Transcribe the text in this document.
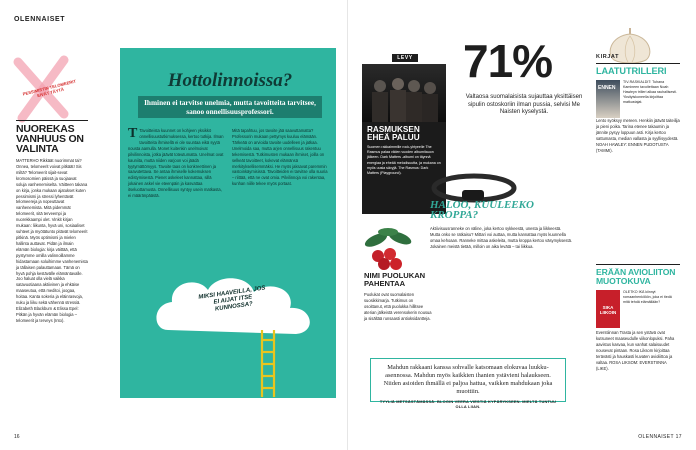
OLENNAISET
16	OLENNAISET 17
PESSIMISTIN TELOMEERIT EIVÄT TÄYTÄ
NUOREKAS VANHUUS ON VALINTA
MATTERHO Rikkäät nuorimmat tai? Onnea, telomeerit voivat pitkäät! Sis miltä? Telomeerit sijait-sevat kromosomien päissä ja suojaavat soluja vanhenemiselta. Väitteen takana on kirja, jonka mukaan ajatukset kuten pessimismi ja stressi lyhentävät telomeereja ja nopeuttavat vanhenemista. Mitä pidemmät telomeerit, sitä terveempi ja nuorekkaampi olet. Vinkit kirjan mukaan: liikunta, hyvä uni, sosiaaliset suhteet ja myötätunto pitävät telomeerit pitkinä. Myös optimismi ja mielen hallinta auttavat. Pidän ja ilmain elämän biologia: kirja väittää, että pystymme omilla valinnoillamme hidastamaan soluihimme vanhenemista ja tällaisen palauttamaan. Tämä on hyvä pohja kestävälle elämäntavalle. Joo haluat olla vielä vaikka satavuotiaana aktiivinen ja ehkäise maaseutua, että meditoi, joogaa, hoitaa. Kanta sokeria ja eläinrasvoja, nuku ja liiku sekä vähennä stressiä. Elizabeth Blackburn & Elissa Epel: Pitkän ja hyvän elämän biologia – telomeerit ja terveys (Into).
Hottolinnoissa?
Ihminen ei tarvitse unelmia, mutta tavoitteita tarvitsee, sanoo onnellisuusprofessori.
T Tavoitteista kuunnet on kohjeen yksikkö onnellisuustutkimuksessa, kertoo tutkija. Ilman tavoitteita ihmisellä ei ole suuntaa eikä syytä nousta aamulla. Monet kuitenkin unelmoivat pilvilinnoista, jotka jäävät toteutumatta. Unelmat ovat kauniita, mutta niiden varjoon voi jäädä tyytymättömyys. Tavoite taas on konkreettinen ja saavutettava. Se antaa ihmiselle kokemuksen edistymisestä. Pienet askeleet kannattaa, sillä jokainen askel vie eteenpäin ja kasvattaa itseluottamusta. Onnellisuus syntyy usein matkasta, ei määränpäästä.
Mitä tapahtuu, jos tavoite jää saavuttamatta? Professorin mukaan pettymys kuuluu elämään. Tärkeää on arvioida tavoite uudelleen ja jatkaa. Unelmoida saa, mutta arjen onnellisuus rakentuu tekemisestä. Tutkimusten mukaan ihmiset, joilla on selkeät tavoitteet, kokevat elämänsä merkityksellisemmäksi. He myös jaksavat paremmin vastoinkäymisissä. Tavoitteiden ei tarvitse olla suuria – riittää, että ne ovat omia. Pilvilinnoja voi rakentaa, kunhan niille tekee myös portaat.
MIKSI HAAVEILLA, JOS EI AIJAT ITSE KUNNOSSA?
LEVY
RASMUKSEN EHEÄ PALUU
Suomen rakkaimmille rock-yhtyeelle The Rasmus palaa viiden vuoden albumitauon jälkeen. Dark Matters -albumi on täynnä energiaa ja eheää melodisuutta, ja mukana on myös uusia sävyjä. The Rasmus: Dark Matters (Playground).
71%
Valtaosa suomalaisista sujauttaa yksittäisen sipulin ostoskoriin ilman pussia, selvisi Me Naisten kyselystä.
HALOO, KUULEEKO KROPPA?
Aktiivisuusranneke on väline, joka kertoo sykkeestä, unesta ja liikkeestä. Mutta onko se ratkaisu? Mittari voi auttaa, mutta kannattaa myös kuunnella omaa kehoaan. Ranneke mittaa askeleita, mutta kroppa kertoo väsymyksestä. Jokainen meistä tietää, milloin on aika levätä – tai liikkua.
NIMI PUOLUKAN PAHENTAA
Puolukat ovat suomalaisten suosikkimarja. Tutkimus on osoittanut, että puolukka hillitsee aterian jälkeistä verensokerin nousua ja sisältää runsaasti antioksidantteja.
Mahdun rakkaani kanssa sohvalle katsomaan elokuvaa luukku-asennossa. Mahdun myös kaikkien ihanien ystävieni halaukseen. Niiden asioiden ihmällä ei paljoa hattua, vaikken mahdukaan joka muottiin.
TYYLIÄ METSÄSTÄMÄSSÄ: BLOGIN VEERA VIESTIÄ KYPÄRYKSEEN. MIELTÄ TUNTUU OLLA LIIAN.
KIRJAT
LAATUTRILLERI
ENNEN
TIV-RASKIALDIT: Tuhana Kamineen tavoitettaan Noah Hawleyn trilleri alkaa rauhallisesti. Yksityiskoneella kirjoittaa matkustajat.
Lento syöksyy mereen. Henkiin jäävät taiteilija ja pieni poika. Tarina etenee takaumin ja jännite pysyy loppuun asti. Kirja kertoo sattumasta, median vallasta ja syyllisyydestä. NOAH HAWLEY: ENNEN PUDOTUSTA (TAMMI).
ERÄÄN AVIOLIITON MUOTOKUVA
SIKA LIIKOIN
OLETKO IKÄ kiinnyt romaanhenkilöön, joka ei tiedä mitä tehdä elämällään?
Everstiinnan Trasta ja sen ystävä ovat kutsuneet maaseudulle viikonlopuksi. Paha aavistus kasvaa, kun vanhat salaisuudet nousevat pintaan. Rosa Liksom kirjoittaa terävästi ja hauskasti kuvaten avioliittoa ja valtaa. ROSA LIKSOM: EVERSTIINNA (LIKE).
